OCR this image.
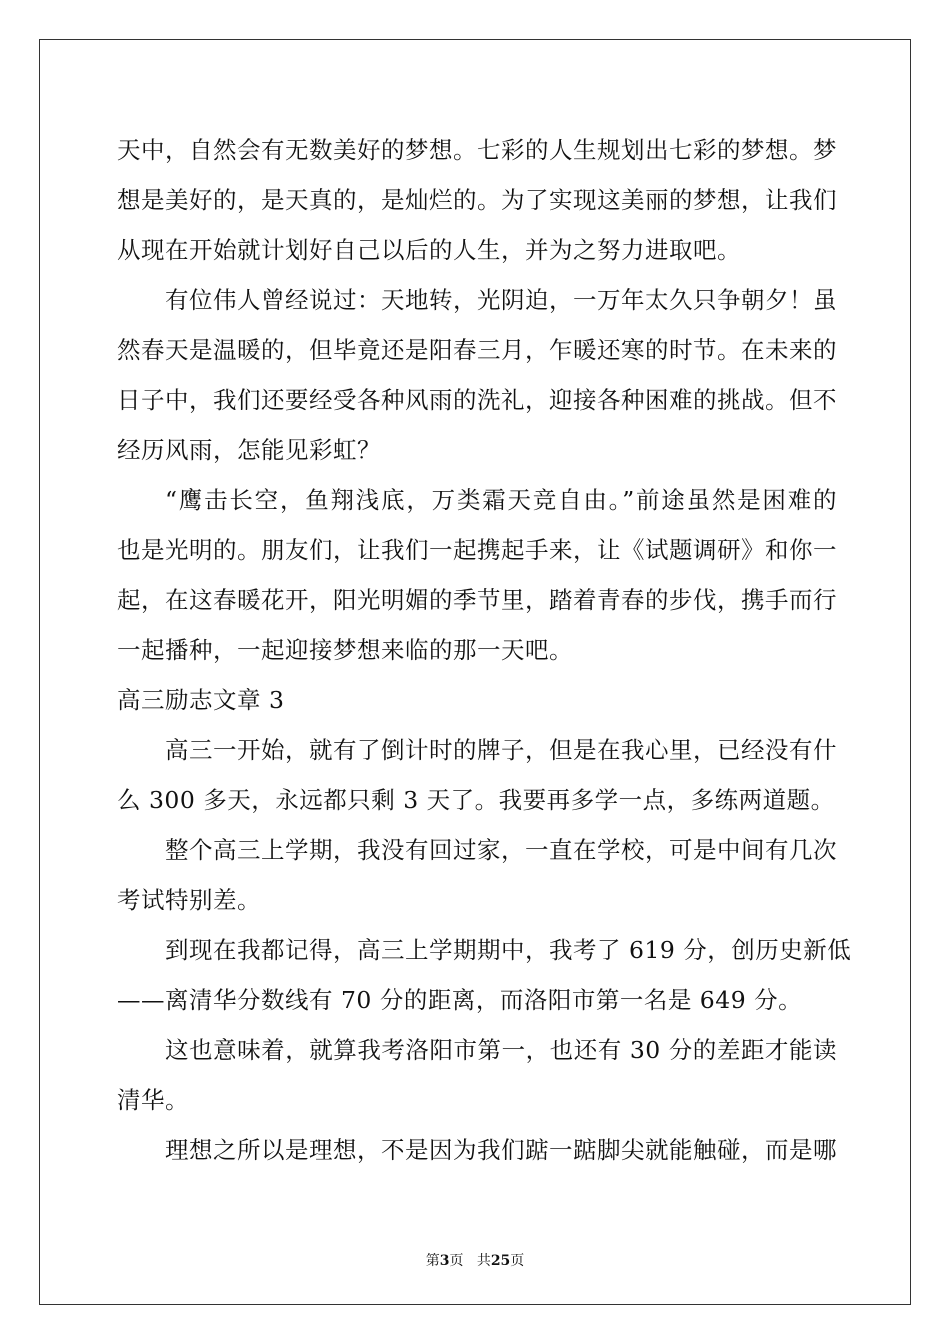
天中，自然会有无数美好的梦想。七彩的人生规划出七彩的梦想。梦
想是美好的，是天真的，是灿烂的。为了实现这美丽的梦想，让我们
从现在开始就计划好自己以后的人生，并为之努力进取吧。
有位伟人曾经说过：天地转，光阴迫，一万年太久只争朝夕！虽
然春天是温暖的，但毕竟还是阳春三月，乍暖还寒的时节。在未来的
日子中，我们还要经受各种风雨的洗礼，迎接各种困难的挑战。但不
经历风雨，怎能见彩虹？
“鹰击长空，鱼翔浅底，万类霜天竞自由。”前途虽然是困难的
也是光明的。朋友们，让我们一起携起手来，让《试题调研》和你一
起，在这春暖花开，阳光明媚的季节里，踏着青春的步伐，携手而行
一起播种，一起迎接梦想来临的那一天吧。
高三励志文章 3
高三一开始，就有了倒计时的牌子，但是在我心里，已经没有什
么 300 多天，永远都只剩 3 天了。我要再多学一点，多练两道题。
整个高三上学期，我没有回过家，一直在学校，可是中间有几次
考试特别差。
到现在我都记得，高三上学期期中，我考了 619 分，创历史新低
——离清华分数线有 70 分的距离，而洛阳市第一名是 649 分。
这也意味着，就算我考洛阳市第一，也还有 30 分的差距才能读
清华。
理想之所以是理想，不是因为我们踮一踮脚尖就能触碰，而是哪
第3页 共25页
